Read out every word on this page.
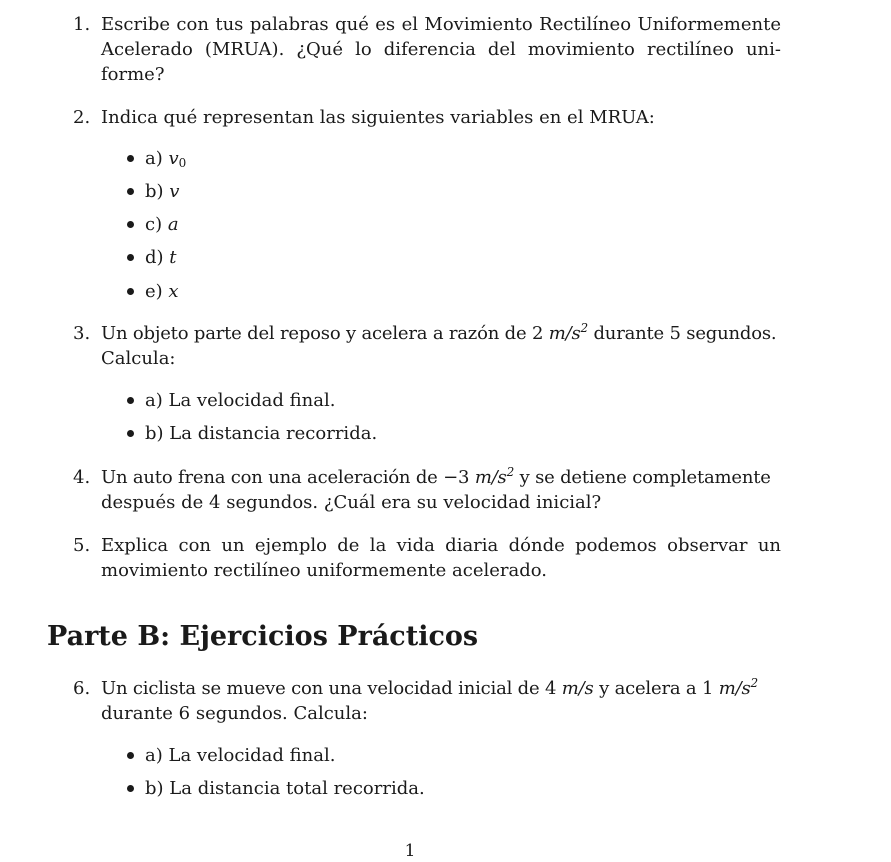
1. Escribe con tus palabras qué es el Movimiento Rectilíneo Uniformemente
Acelerado (MRUA). ¿Qué lo diferencia del movimiento rectilíneo uni-
forme?
2. Indica qué representan las siguientes variables en el MRUA:
a) $v_0$
b) v
c) a
d) t
e) x
3. Un objeto parte del reposo y acelera a razón de 2 $m/s^2$ durante 5 segundos.
Calcula:
a) La velocidad final.
b) La distancia recorrida.
4. Un auto frena con una aceleración de −3 $m/s^2$ y se detiene completamente
después de 4 segundos. ¿Cuál era su velocidad inicial?
5. Explica con un ejemplo de la vida diaria dónde podemos observar un
movimiento rectilíneo uniformemente acelerado.
Parte B: Ejercicios Prácticos
6. Un ciclista se mueve con una velocidad inicial de 4 m/s y acelera a 1 $m/s^2$
durante 6 segundos. Calcula:
a) La velocidad final.
b) La distancia total recorrida.
1
